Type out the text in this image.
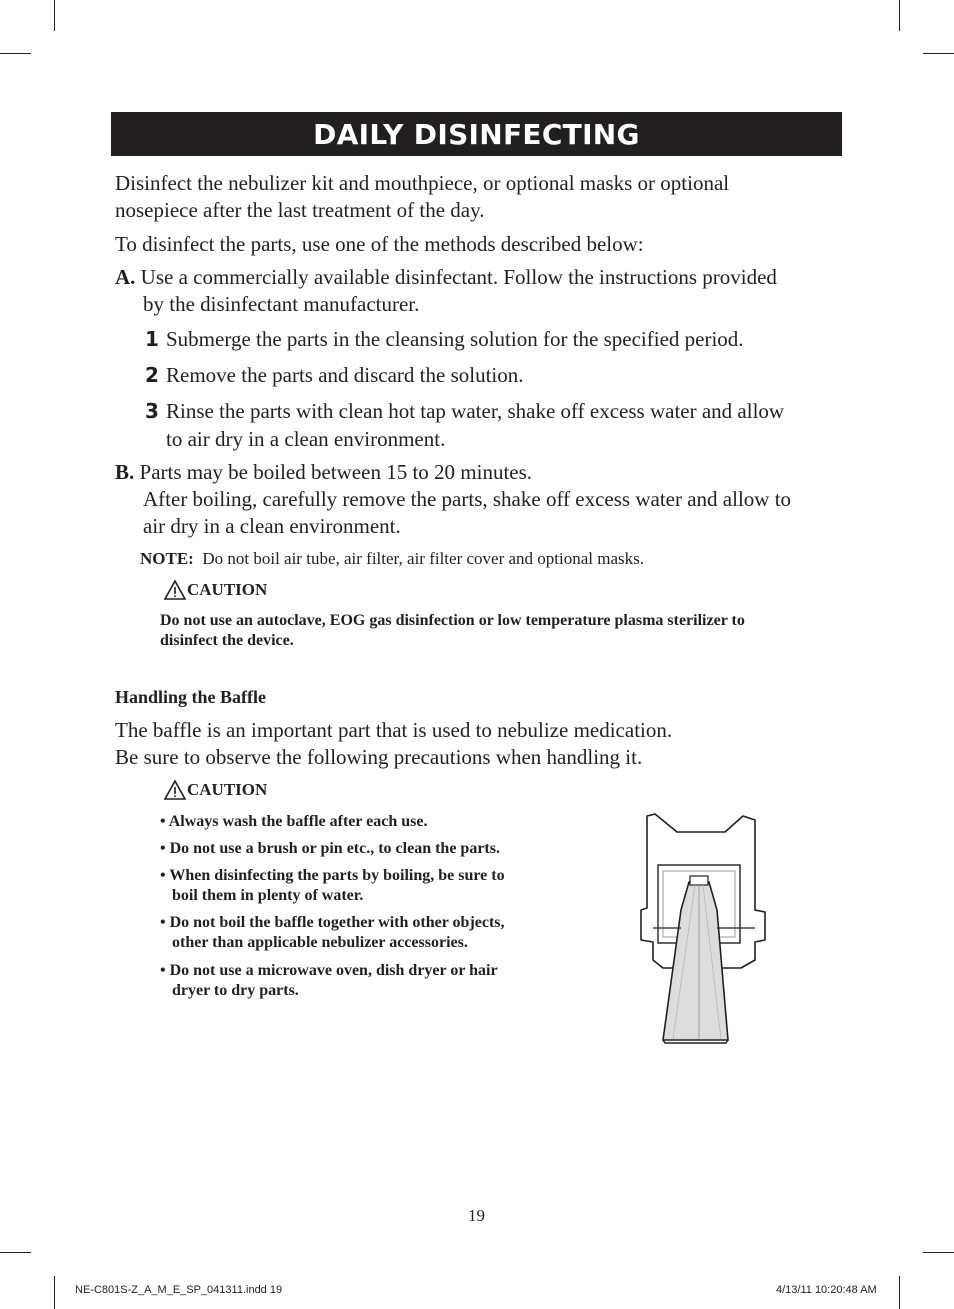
DAILY DISINFECTING
Disinfect the nebulizer kit and mouthpiece, or optional masks or optional
nosepiece after the last treatment of the day.
To disinfect the parts, use one of the methods described below:
A. Use a commercially available disinfectant. Follow the instructions provided
by the disinfectant manufacturer.
1 Submerge the parts in the cleansing solution for the specified period.
2 Remove the parts and discard the solution.
3 Rinse the parts with clean hot tap water, shake off excess water and allow
to air dry in a clean environment.
B. Parts may be boiled between 15 to 20 minutes.
After boiling, carefully remove the parts, shake off excess water and allow to
air dry in a clean environment.
NOTE: Do not boil air tube, air filter, air filter cover and optional masks.
CAUTION
Do not use an autoclave, EOG gas disinfection or low temperature plasma sterilizer to
disinfect the device.
Handling the Baffle
The baffle is an important part that is used to nebulize medication.
Be sure to observe the following precautions when handling it.
CAUTION
• Always wash the baffle after each use.
• Do not use a brush or pin etc., to clean the parts.
• When disinfecting the parts by boiling, be sure to
boil them in plenty of water.
• Do not boil the baffle together with other objects,
other than applicable nebulizer accessories.
• Do not use a microwave oven, dish dryer or hair
dryer to dry parts.
19
NE-C801S-Z_A_M_E_SP_041311.indd 19	4/13/11 10:20:48 AM
